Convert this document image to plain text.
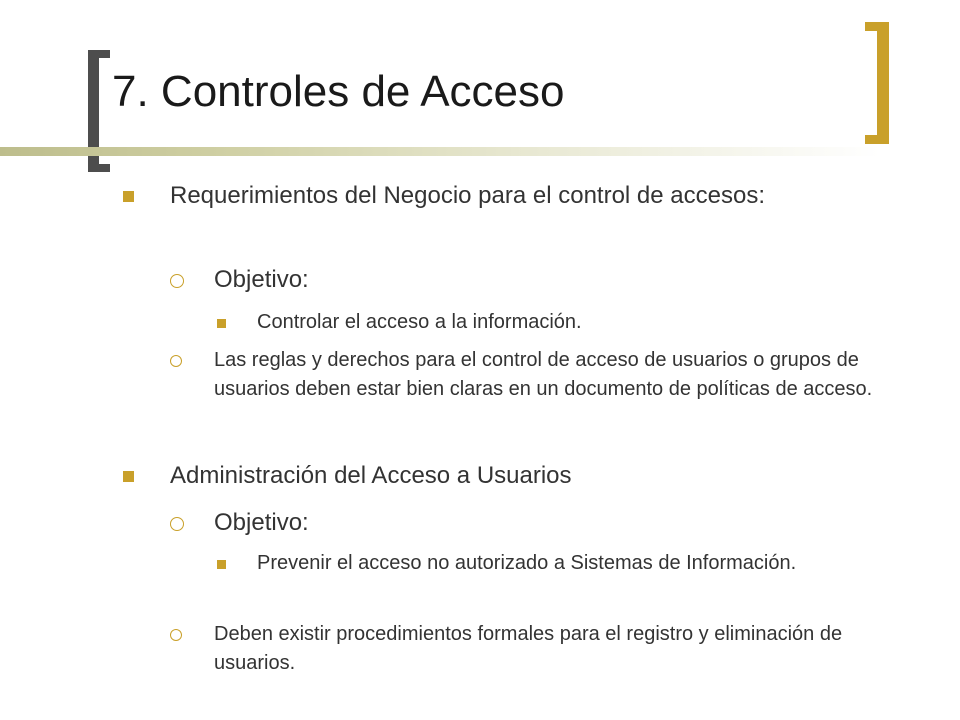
7. Controles de Acceso
Requerimientos del Negocio para el control de accesos:
Objetivo:
Controlar el acceso a la información.
Las reglas y derechos para el control de acceso de usuarios o grupos de usuarios deben estar bien claras en un documento de políticas de acceso.
Administración del Acceso a Usuarios
Objetivo:
Prevenir el acceso no autorizado a Sistemas de Información.
Deben existir procedimientos formales para el registro y eliminación de usuarios.
